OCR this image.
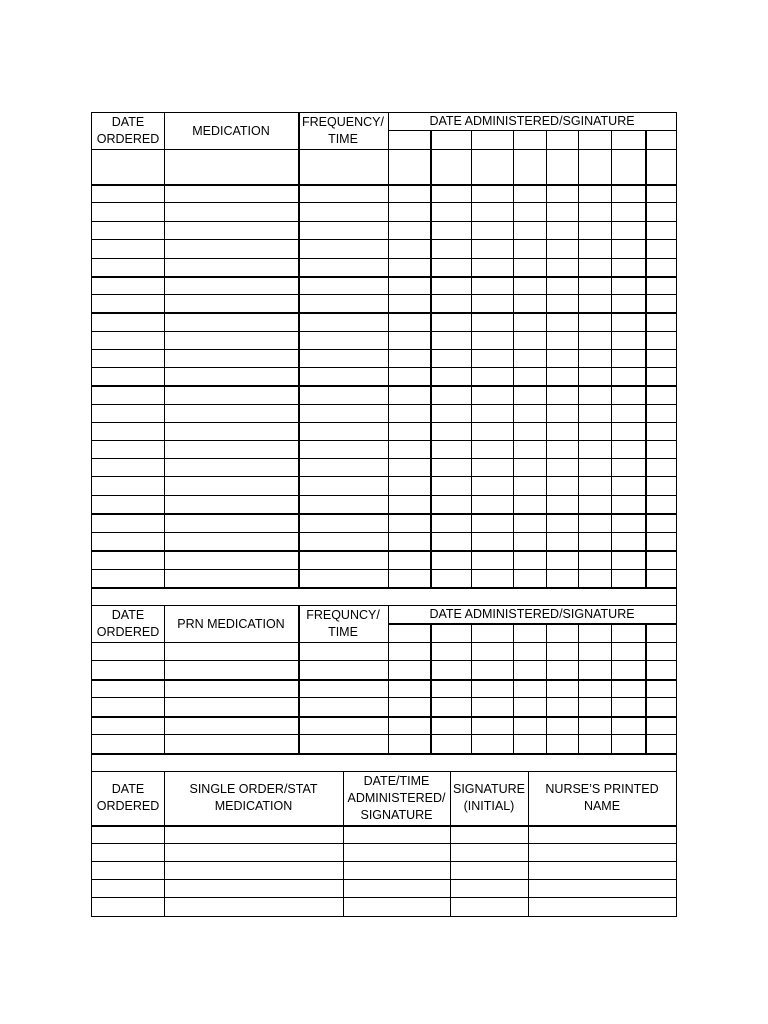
DATE
ORDERED
MEDICATION
FREQUENCY/
TIME
DATE ADMINISTERED/SGINATURE
DATE
ORDERED
PRN MEDICATION
FREQUNCY/
TIME
DATE ADMINISTERED/SIGNATURE
DATE
ORDERED
SINGLE ORDER/STAT
MEDICATION
DATE/TIME
ADMINISTERED/
SIGNATURE
SIGNATURE
(INITIAL)
NURSE’S PRINTED
NAME
